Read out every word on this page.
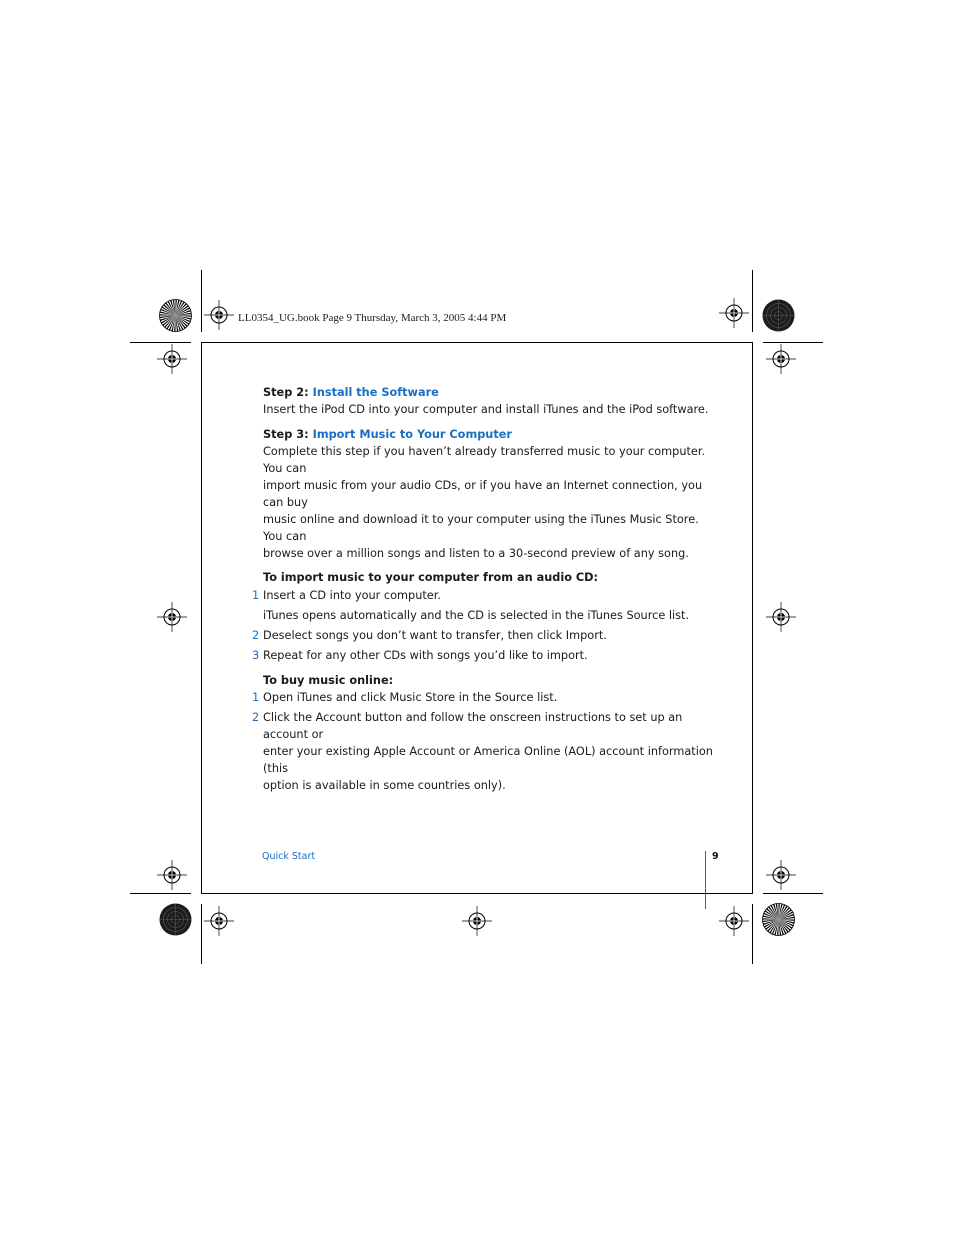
LL0354_UG.book Page 9 Thursday, March 3, 2005 4:44 PM

Step 2: Install the Software

Insert the iPod CD into your computer and install iTunes and the iPod software.

Step 3: Import Music to Your Computer

Complete this step if you haven’t already transferred music to your computer. You can
import music from your audio CDs, or if you have an Internet connection, you can buy
music online and download it to your computer using the iTunes Music Store. You can
browse over a million songs and listen to a 30-second preview of any song.

To import music to your computer from an audio CD:

1 Insert a CD into your computer.

iTunes opens automatically and the CD is selected in the iTunes Source list.

2 Deselect songs you don’t want to transfer, then click Import.

3 Repeat for any other CDs with songs you’d like to import.

To buy music online:

1 Open iTunes and click Music Store in the Source list.

2 Click the Account button and follow the onscreen instructions to set up an account or
enter your existing Apple Account or America Online (AOL) account information (this
option is available in some countries only).

Quick Start	9
